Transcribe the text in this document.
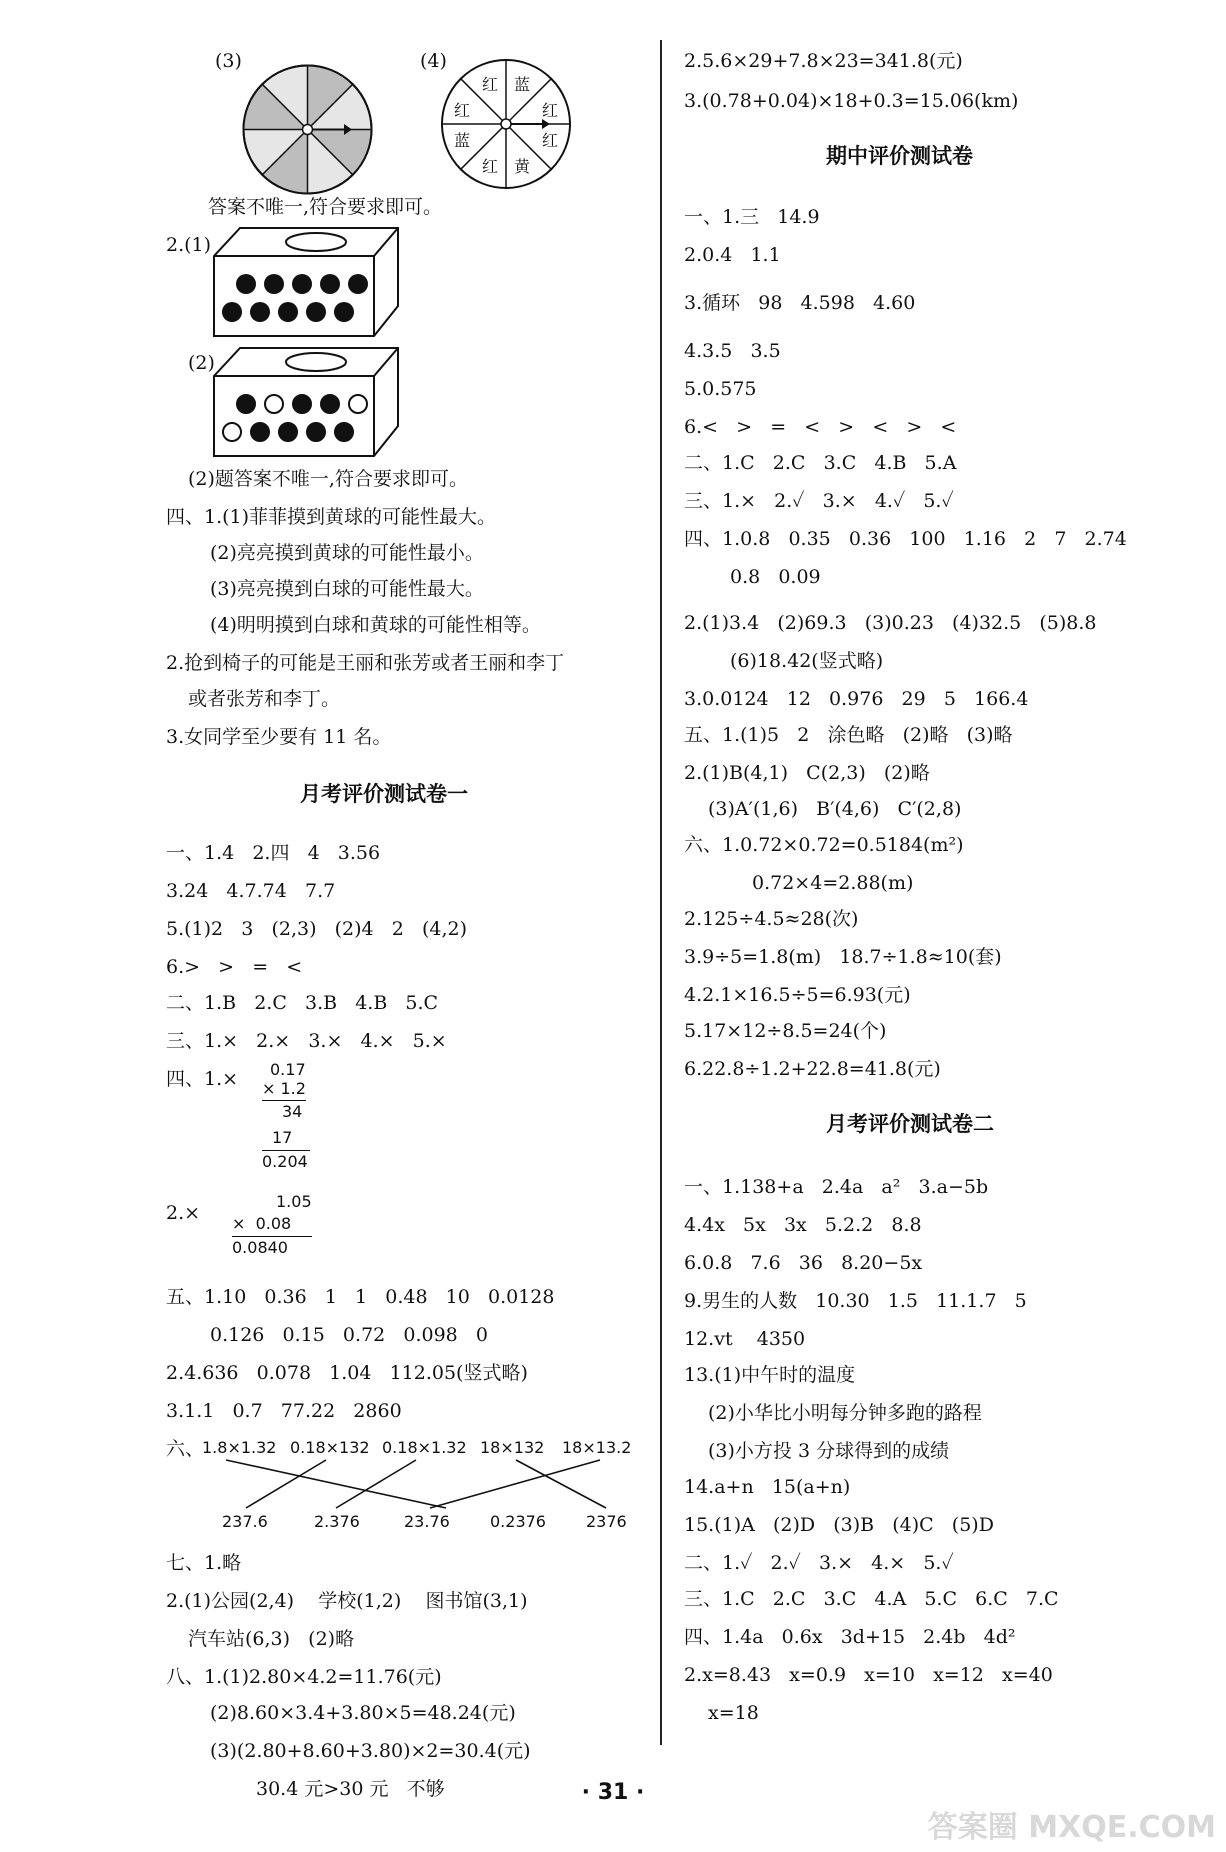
(3)	(4)
红 蓝
红
红
黄
红
蓝
红
答案不唯一,符合要求即可。
2.(1)
(2)
(2)题答案不唯一,符合要求即可。
四、1.(1)菲菲摸到黄球的可能性最大。
(2)亮亮摸到黄球的可能性最小。
(3)亮亮摸到白球的可能性最大。
(4)明明摸到白球和黄球的可能性相等。
2.抢到椅子的可能是王丽和张芳或者王丽和李丁
或者张芳和李丁。
3.女同学至少要有 11 名。
月考评价测试卷一
一、1.4   2.四   4   3.56
3.24   4.7.74   7.7
5.(1)2   3   (2,3)   (2)4   2   (4,2)
6.>   >   =   <
二、1.B   2.C   3.B   4.B   5.C
三、1.×   2.×   3.×   4.×   5.×
四、1.× 0.17
× 1.2
34
17
0.204
2.×
1.05
×  0.08
0.0840
五、1.10   0.36   1   1   0.48   10   0.0128
0.126   0.15   0.72   0.098   0
2.4.636   0.078   1.04   112.05(竖式略)
3.1.1   0.7   77.22   2860
六、
1.8×1.32 0.18×132 0.18×1.32 18×132 18×13.2
237.6	2.376	23.76	0.2376	2376
七、1.略
2.(1)公园(2,4)    学校(1,2)    图书馆(3,1)
汽车站(6,3)   (2)略
八、1.(1)2.80×4.2=11.76(元)
(2)8.60×3.4+3.80×5=48.24(元)
(3)(2.80+8.60+3.80)×2=30.4(元)
30.4 元>30 元   不够
2.5.6×29+7.8×23=341.8(元)
3.(0.78+0.04)×18+0.3=15.06(km)
期中评价测试卷
一、1.三   14.9
2.0.4   1.1
3.循环   98   4.598   4.60
4.3.5   3.5
5.0.575
6.<   >   =   <   >   <   >   <
二、1.C   2.C   3.C   4.B   5.A
三、1.×   2.✓   3.×   4.✓   5.✓
四、1.0.8   0.35   0.36   100   1.16   2   7   2.74
0.8   0.09
2.(1)3.4   (2)69.3   (3)0.23   (4)32.5   (5)8.8
(6)18.42(竖式略)
3.0.0124   12   0.976   29   5   166.4
五、1.(1)5   2   涂色略   (2)略   (3)略
2.(1)B(4,1)   C(2,3)   (2)略
(3)A′(1,6)   B′(4,6)   C′(2,8)
六、1.0.72×0.72=0.5184(m²)
0.72×4=2.88(m)
2.125÷4.5≈28(次)
3.9÷5=1.8(m)   18.7÷1.8≈10(套)
4.2.1×16.5÷5=6.93(元)
5.17×12÷8.5=24(个)
6.22.8÷1.2+22.8=41.8(元)
月考评价测试卷二
一、1.138+a   2.4a   a²   3.a−5b
4.4x   5x   3x   5.2.2   8.8
6.0.8   7.6   36   8.20−5x
9.男生的人数   10.30   1.5   11.1.7   5
12.vt    4350
13.(1)中午时的温度
(2)小华比小明每分钟多跑的路程
(3)小方投 3 分球得到的成绩
14.a+n   15(a+n)
15.(1)A   (2)D   (3)B   (4)C   (5)D
二、1.✓   2.✓   3.×   4.×   5.✓
三、1.C   2.C   3.C   4.A   5.C   6.C   7.C
四、1.4a   0.6x   3d+15   2.4b   4d²
2.x=8.43   x=0.9   x=10   x=12   x=40
x=18
· 31 ·
答案圈 MXQE.COM
